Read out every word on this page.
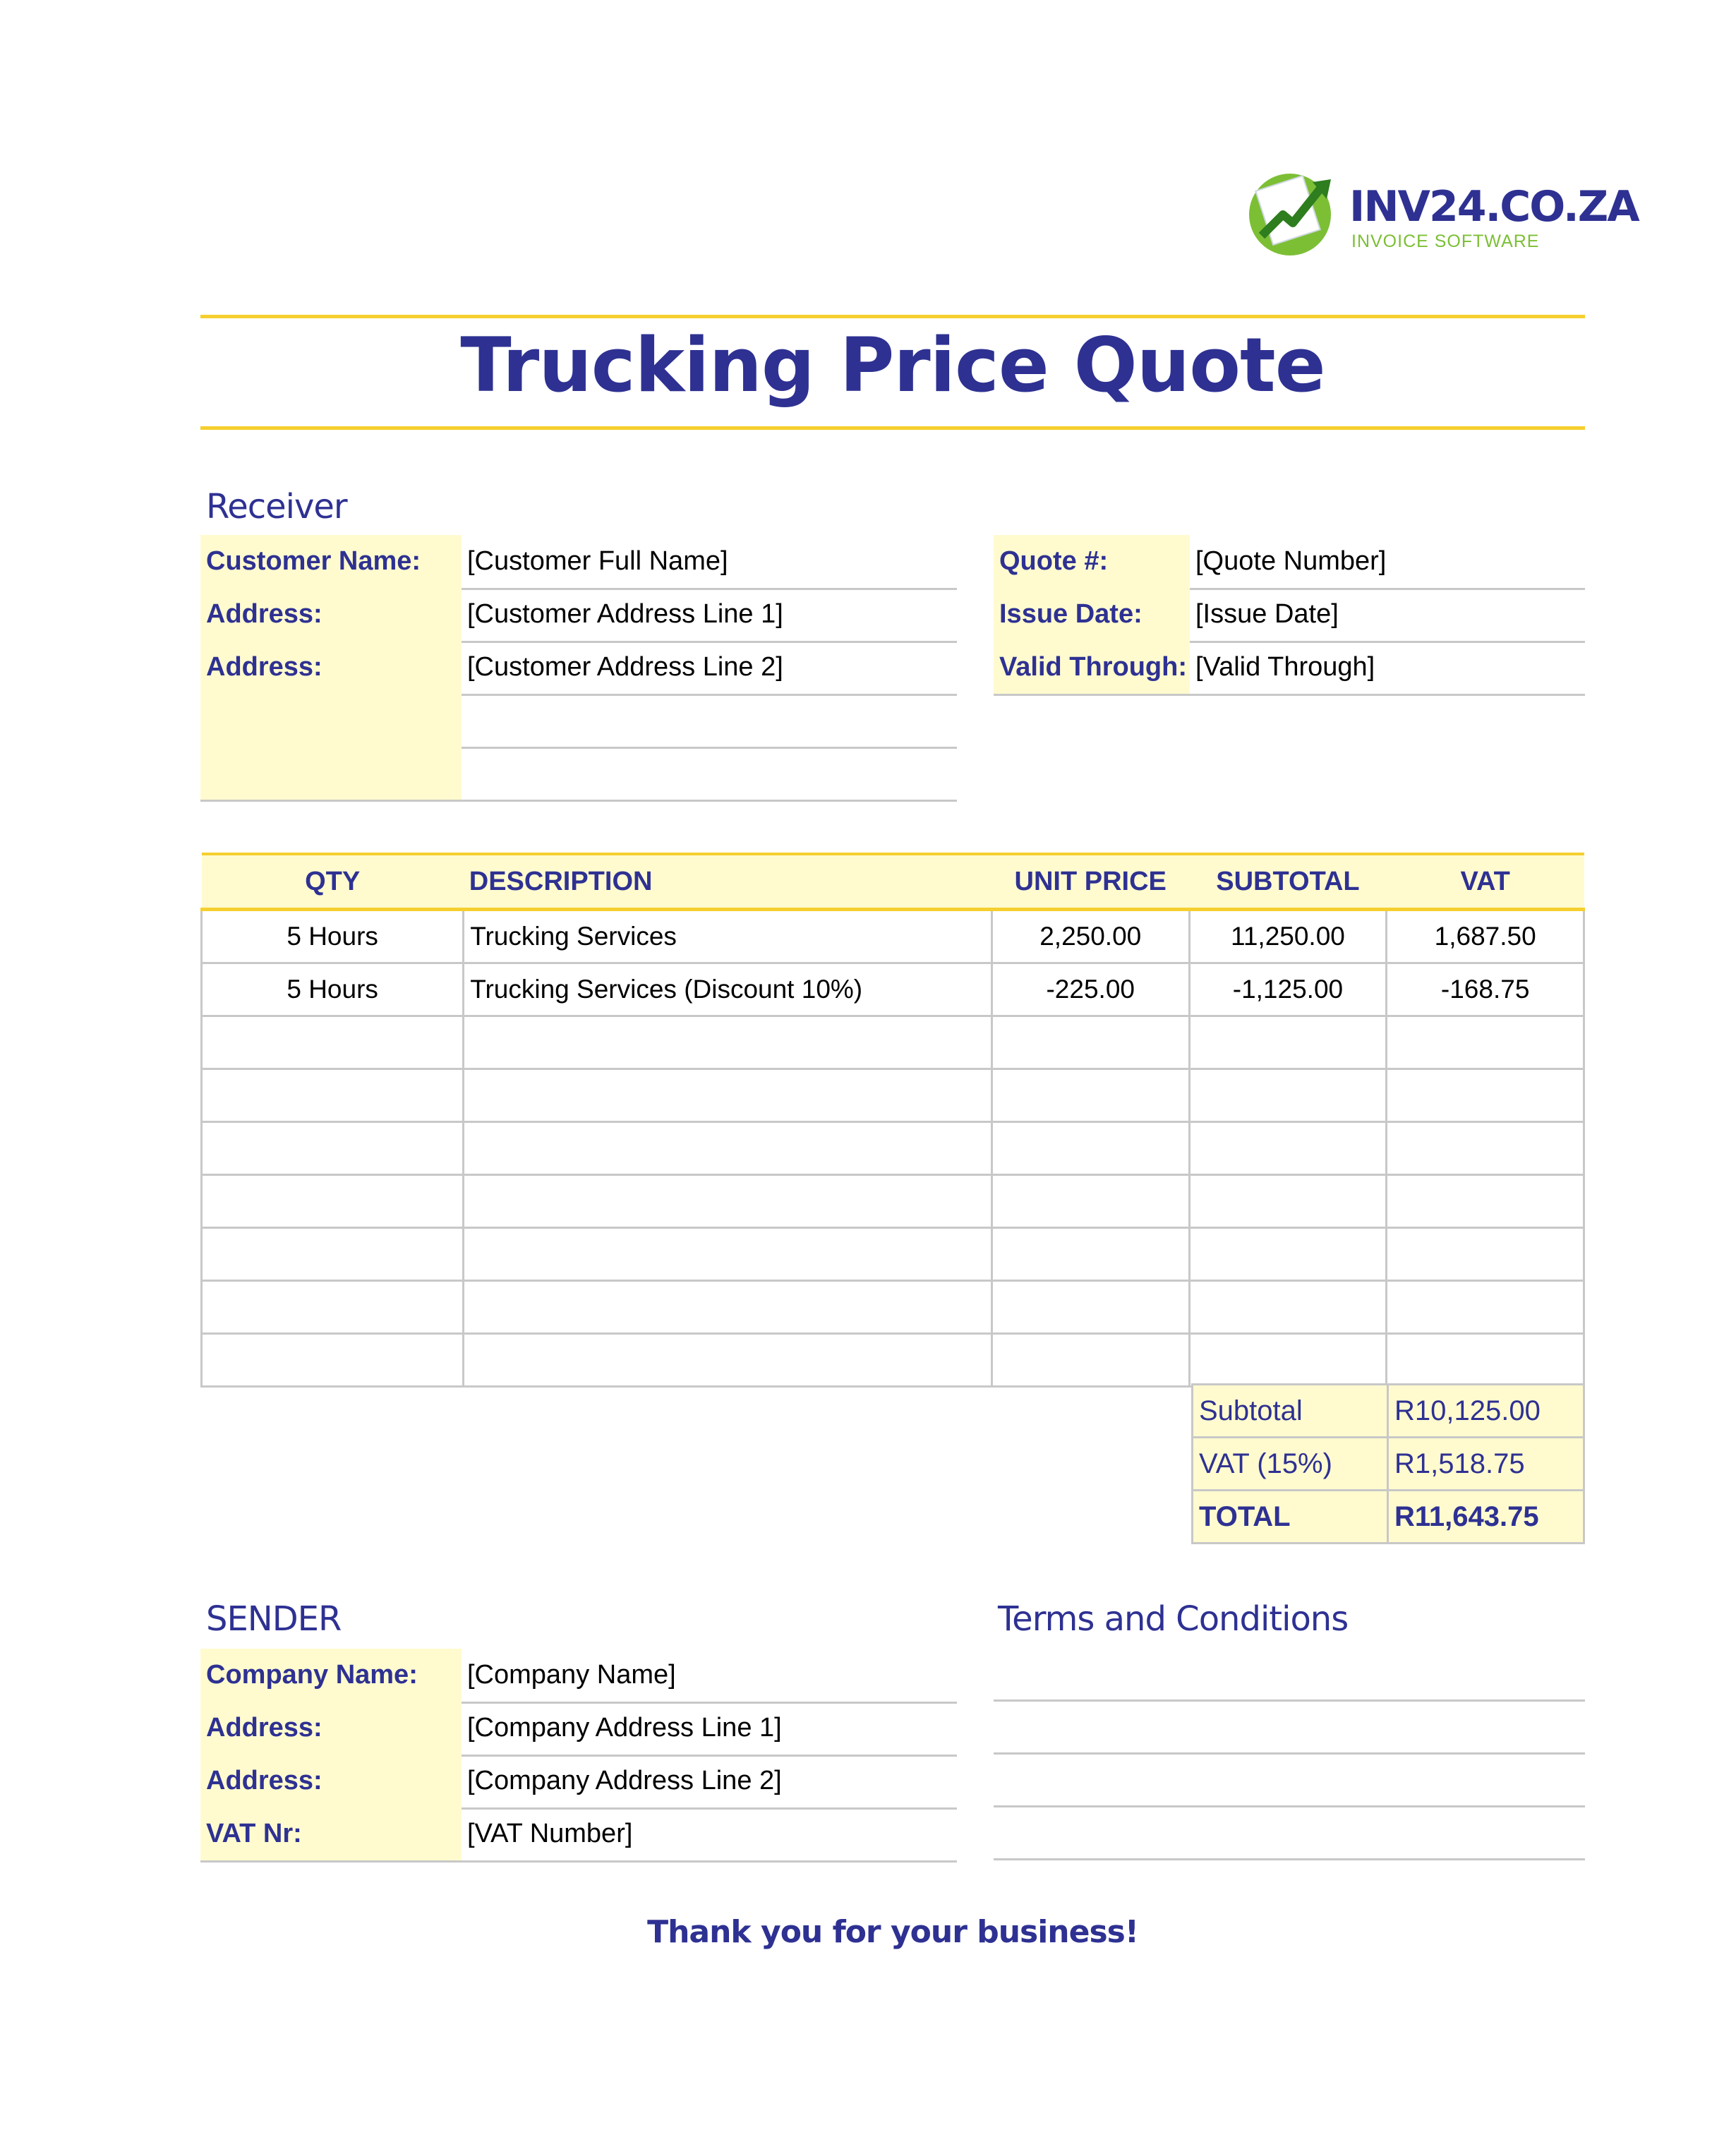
INV24.CO.ZA
INVOICE SOFTWARE
Trucking Price Quote
Receiver
Customer Name:	[Customer Full Name]
Address:	[Customer Address Line 1]
Address:	[Customer Address Line 2]
Quote #:	[Quote Number]
Issue Date:	[Issue Date]
Valid Through: [Valid Through]
QTY	DESCRIPTION	UNIT PRICE	SUBTOTAL	VAT
5 Hours	Trucking Services	2,250.00	11,250.00	1,687.50
5 Hours	Trucking Services (Discount 10%)	-225.00	-1,125.00	-168.75

Subtotal	R10,125.00
VAT (15%)	R1,518.75
TOTAL	R11,643.75
SENDER
Company Name:	[Company Name]
Address:	[Company Address Line 1]
Address:	[Company Address Line 2]
VAT Nr:	[VAT Number]
Terms and Conditions
Thank you for your business!
